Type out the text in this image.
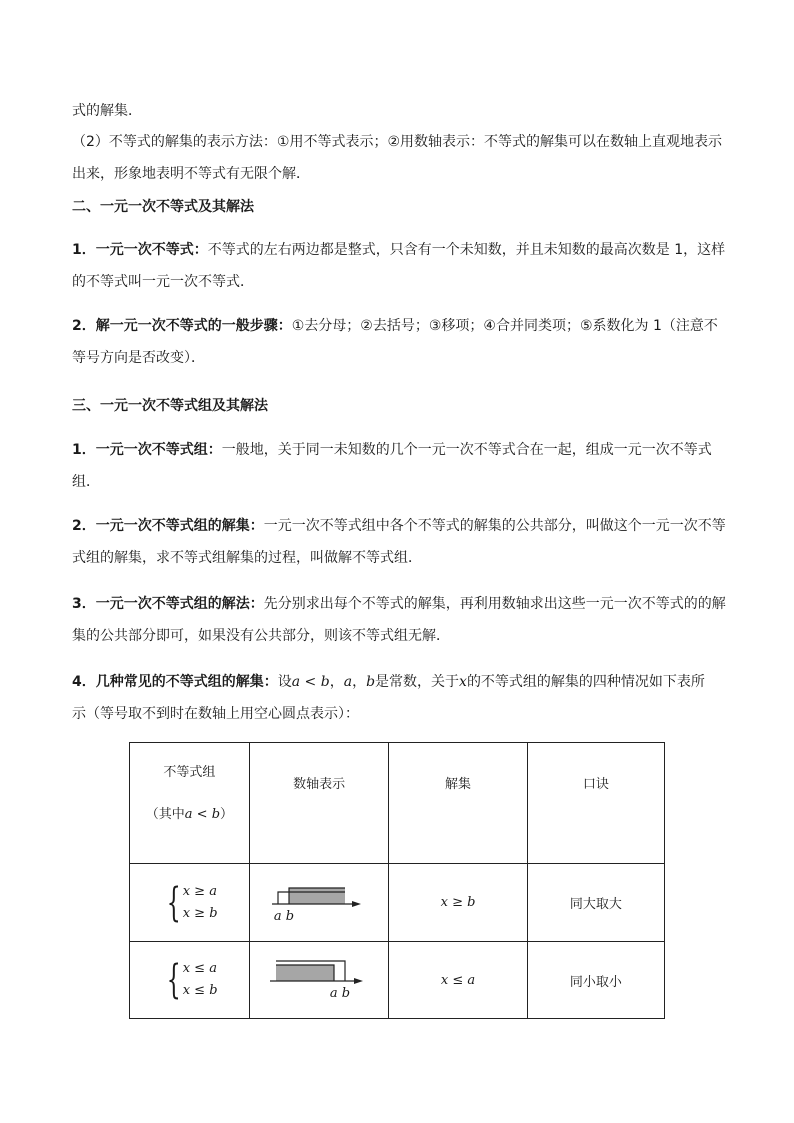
式的解集．
（2）不等式的解集的表示方法：①用不等式表示；②用数轴表示：不等式的解集可以在数轴上直观地表示
出来，形象地表明不等式有无限个解．
二、一元一次不等式及其解法
1．一元一次不等式：不等式的左右两边都是整式，只含有一个未知数，并且未知数的最高次数是 1，这样
的不等式叫一元一次不等式．
2．解一元一次不等式的一般步骤：①去分母；②去括号；③移项；④合并同类项；⑤系数化为 1（注意不
等号方向是否改变）．
三、一元一次不等式组及其解法
1．一元一次不等式组：一般地，关于同一未知数的几个一元一次不等式合在一起，组成一元一次不等式
组．
2．一元一次不等式组的解集：一元一次不等式组中各个不等式的解集的公共部分，叫做这个一元一次不等
式组的解集，求不等式组解集的过程，叫做解不等式组．
3．一元一次不等式组的解法：先分别求出每个不等式的解集，再利用数轴求出这些一元一次不等式的的解
集的公共部分即可，如果没有公共部分，则该不等式组无解．
4．几种常见的不等式组的解集：设a < b，a，b是常数，关于x的不等式组的解集的四种情况如下表所
示（等号取不到时在数轴上用空心圆点表示）：
不等式组
（其中a < b）	数轴表示	解集	口诀

{ x ≥ a
x ≥ b	a b	x ≥ b	同大取大

{ x ≤ a
x ≤ b	a b	x ≤ a	同小取小
